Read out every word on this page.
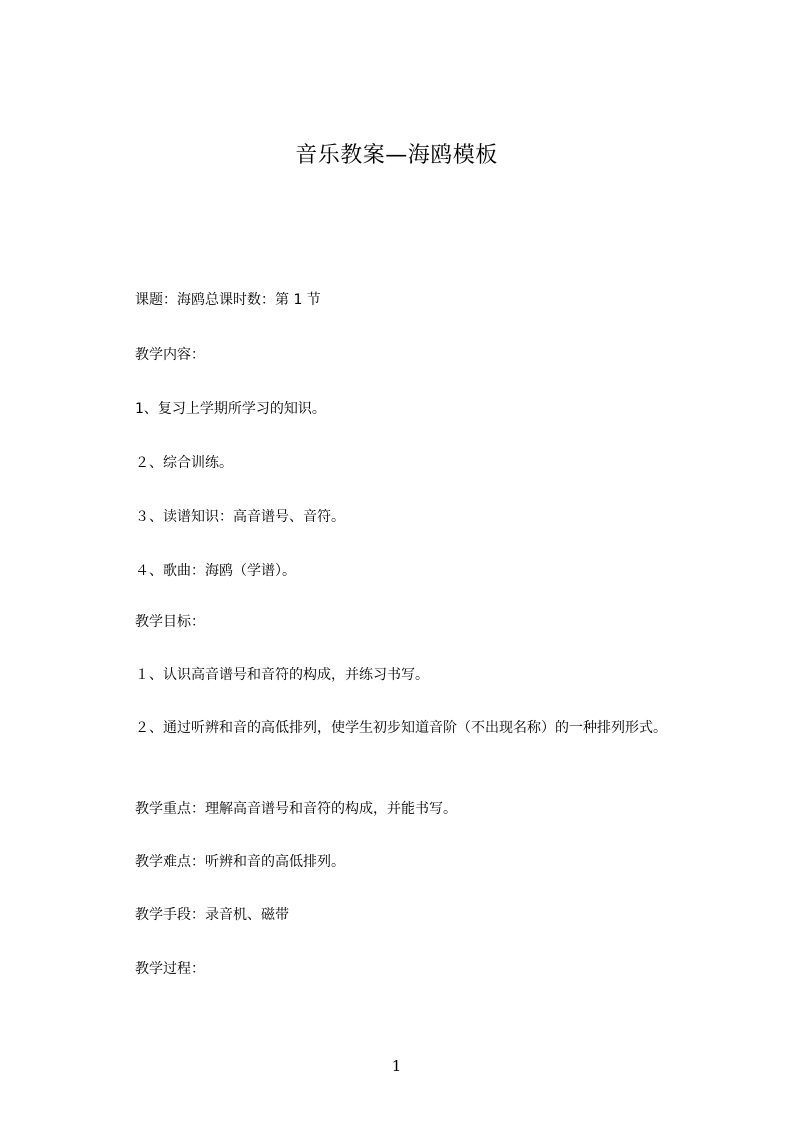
音乐教案—海鸥模板
课题：海鸥总课时数：第 1 节
教学内容：
1、复习上学期所学习的知识。
２、综合训练。
３、读谱知识：高音谱号、音符。
４、歌曲：海鸥（学谱）。
教学目标：
１、认识高音谱号和音符的构成，并练习书写。
２、通过听辨和音的高低排列，使学生初步知道音阶（不出现名称）的一种排列形式。
教学重点：理解高音谱号和音符的构成，并能书写。
教学难点：听辨和音的高低排列。
教学手段：录音机、磁带
教学过程：
1
